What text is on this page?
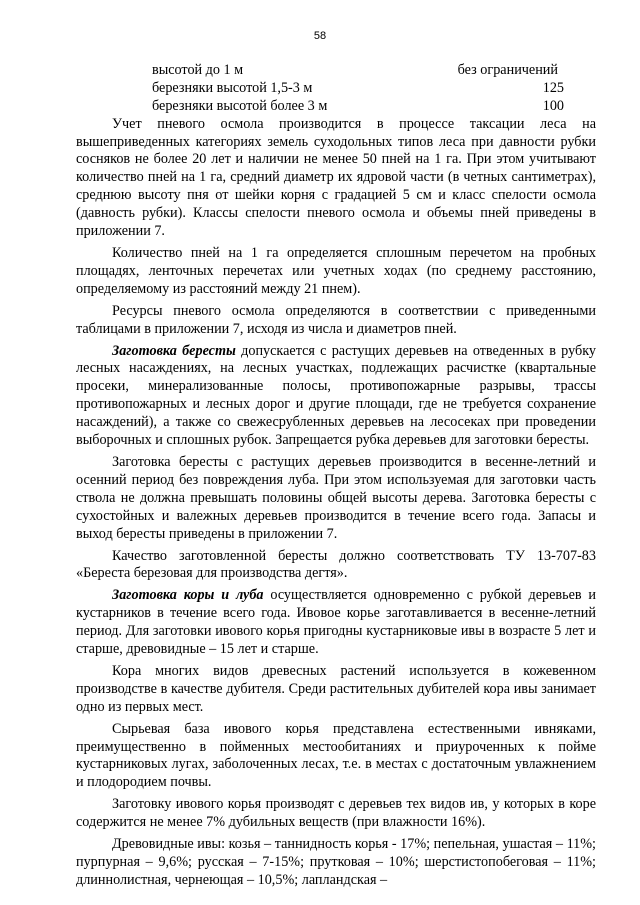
58
высотой до 1 м	без ограничений
березняки высотой 1,5-3 м	125
березняки высотой более 3 м	100

Учет пневого осмола производится в процессе таксации леса на вышеприведенных категориях земель суходольных типов леса при давности рубки сосняков не более 20 лет и наличии не менее 50 пней на 1 га. При этом учитывают количество пней на 1 га, средний диаметр их ядровой части (в четных сантиметрах), среднюю высоту пня от шейки корня с градацией 5 см и класс спелости осмола (давность рубки). Классы спелости пневого осмола и объемы пней приведены в приложении 7.

Количество пней на 1 га определяется сплошным перечетом на пробных площадях, ленточных перечетах или учетных ходах (по среднему расстоянию, определяемому из расстояний между 21 пнем).

Ресурсы пневого осмола определяются в соответствии с приведенными таблицами в приложении 7, исходя из числа и диаметров пней.

Заготовка бересты допускается с растущих деревьев на отведенных в рубку лесных насаждениях, на лесных участках, подлежащих расчистке (квартальные просеки, минерализованные полосы, противопожарные разрывы, трассы противопожарных и лесных дорог и другие площади, где не требуется сохранение насаждений), а также со свежесрубленных деревьев на лесосеках при проведении выборочных и сплошных рубок. Запрещается рубка деревьев для заготовки бересты.

Заготовка бересты с растущих деревьев производится в весенне-летний и осенний период без повреждения луба. При этом используемая для заготовки часть ствола не должна превышать половины общей высоты дерева. Заготовка бересты с сухостойных и валежных деревьев производится в течение всего года. Запасы и выход бересты приведены в приложении 7.

Качество заготовленной бересты должно соответствовать ТУ 13-707-83 «Береста березовая для производства дегтя».

Заготовка коры и луба осуществляется одновременно с рубкой деревьев и кустарников в течение всего года. Ивовое корье заготавливается в весенне-летний период. Для заготовки ивового корья пригодны кустарниковые ивы в возрасте 5 лет и старше, древовидные – 15 лет и старше.

Кора многих видов древесных растений используется в кожевенном производстве в качестве дубителя. Среди растительных дубителей кора ивы занимает одно из первых мест.

Сырьевая база ивового корья представлена естественными ивняками, преимущественно в пойменных местообитаниях и приуроченных к пойме кустарниковых лугах, заболоченных лесах, т.е. в местах с достаточным увлажнением и плодородием почвы.

Заготовку ивового корья производят с деревьев тех видов ив, у которых в коре содержится не менее 7% дубильных веществ (при влажности 16%).

Древовидные ивы: козья – таннидность корья - 17%; пепельная, ушастая – 11%; пурпурная – 9,6%; русская – 7-15%; прутковая – 10%; шерстистопобеговая – 11%; длиннолистная, чернеющая – 10,5%; лапландская –
